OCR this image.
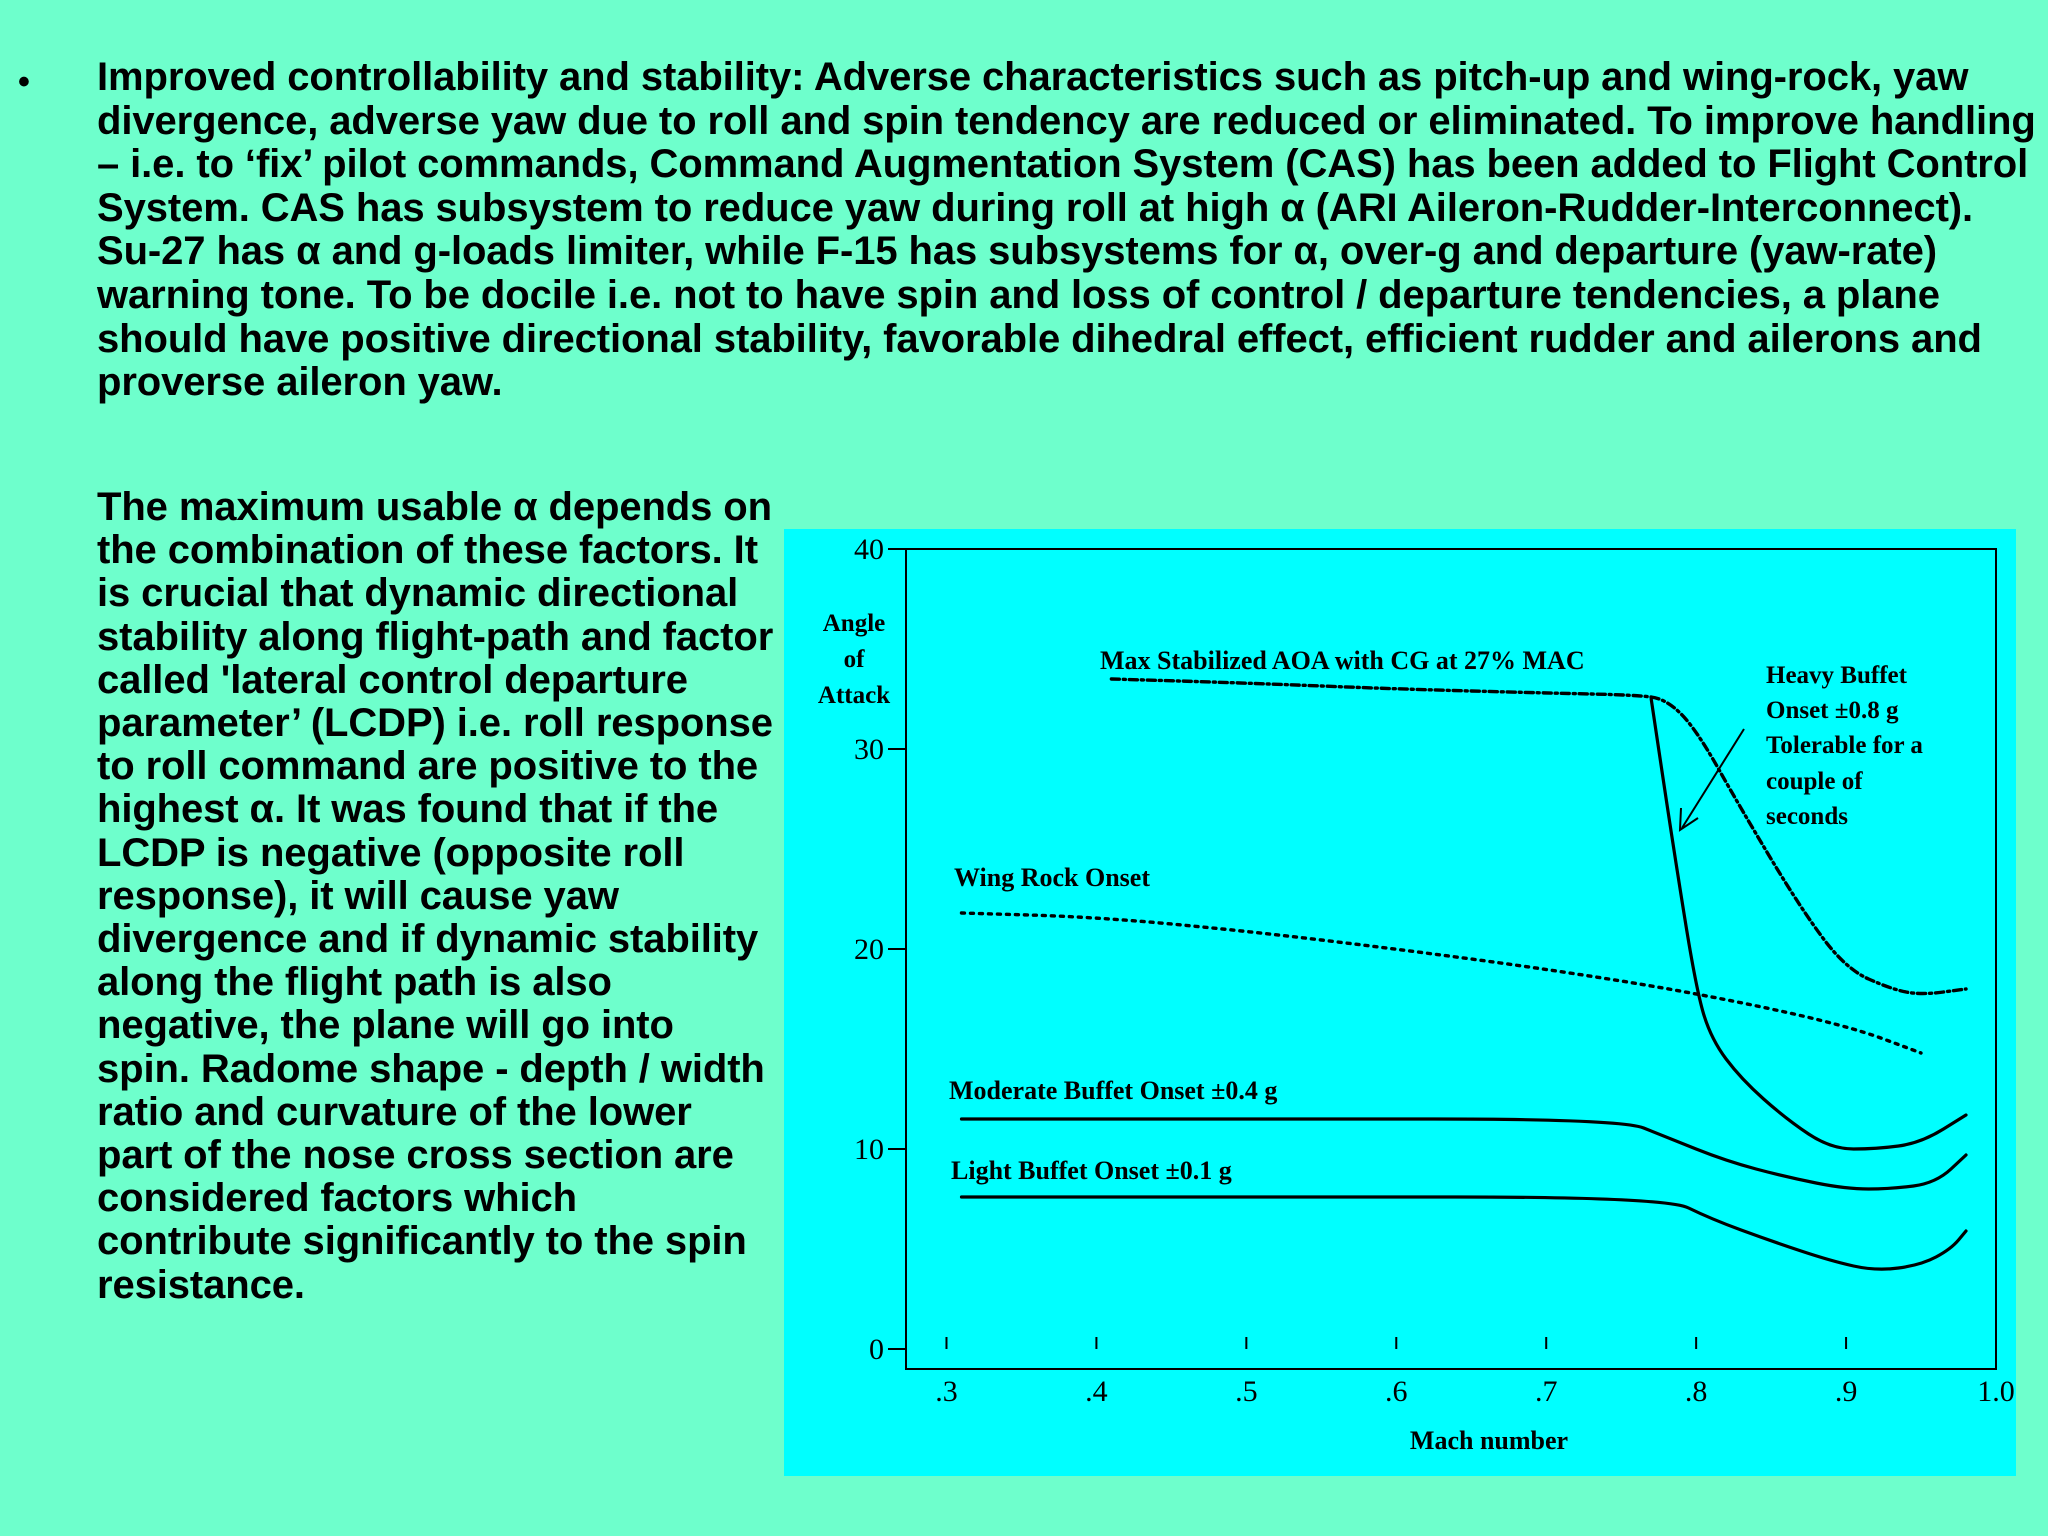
• Improved controllability and stability: Adverse characteristics such as pitch-up and wing-rock, yaw divergence, adverse yaw due to roll and spin tendency are reduced or eliminated. To improve handling – i.e. to ‘fix’ pilot commands, Command Augmentation System (CAS) has been added to Flight Control System. CAS has subsystem to reduce yaw during roll at high α (ARI Aileron-Rudder-Interconnect). Su-27 has α and g-loads limiter, while F-15 has subsystems for α, over-g and departure (yaw-rate) warning tone. To be docile i.e. not to have spin and loss of control / departure tendencies, a plane should have positive directional stability, favorable dihedral effect, efficient rudder and ailerons and proverse aileron yaw.

The maximum usable α depends on the combination of these factors. It is crucial that dynamic directional stability along flight-path and factor called 'lateral control departure parameter’ (LCDP) i.e. roll response to roll command are positive to the highest α. It was found that if the LCDP is negative (opposite roll response), it will cause yaw divergence and if dynamic stability along the flight path is also negative, the plane will go into spin. Radome shape - depth / width ratio and curvature of the lower part of the nose cross section are considered factors which contribute significantly to the spin resistance.

.3	.4	.5	.6	.7	.8	.9	1.0
0
10
20
30
40
Angle
of
Attack
Mach number
Max Stabilized AOA with CG at 27% MAC
Wing Rock Onset
Moderate Buffet Onset ±0.4 g
Light Buffet Onset ±0.1 g
Heavy Buffet
Onset ±0.8 g
Tolerable for a
couple of
seconds
